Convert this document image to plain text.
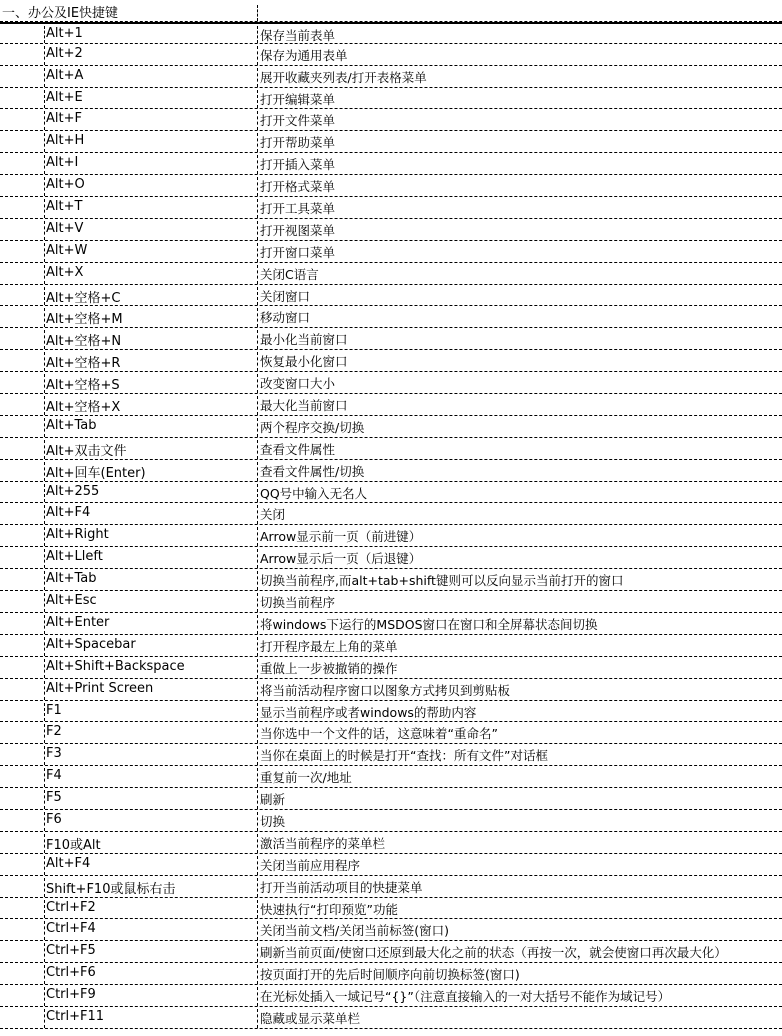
一、办公及IE快捷键
Alt+1	保存当前表单
Alt+2	保存为通用表单
Alt+A	展开收藏夹列表/打开表格菜单
Alt+E	打开编辑菜单
Alt+F	打开文件菜单
Alt+H	打开帮助菜单
Alt+I	打开插入菜单
Alt+O	打开格式菜单
Alt+T	打开工具菜单
Alt+V	打开视图菜单
Alt+W	打开窗口菜单
Alt+X	关闭C语言
Alt+空格+C	关闭窗口
Alt+空格+M	移动窗口
Alt+空格+N	最小化当前窗口
Alt+空格+R	恢复最小化窗口
Alt+空格+S	改变窗口大小
Alt+空格+X	最大化当前窗口
Alt+Tab	两个程序交换/切换
Alt+双击文件	查看文件属性
Alt+回车(Enter)	查看文件属性/切换
Alt+255	QQ号中输入无名人
Alt+F4	关闭
Alt+Right	Arrow显示前一页（前进键）
Alt+Lleft	Arrow显示后一页（后退键）
Alt+Tab	切换当前程序,而alt+tab+shift键则可以反向显示当前打开的窗口
Alt+Esc	切换当前程序
Alt+Enter	将windows下运行的MSDOS窗口在窗口和全屏幕状态间切换
Alt+Spacebar	打开程序最左上角的菜单
Alt+Shift+Backspace	重做上一步被撤销的操作
Alt+Print Screen	将当前活动程序窗口以图象方式拷贝到剪贴板
F1	显示当前程序或者windows的帮助内容
F2	当你选中一个文件的话，这意味着“重命名”
F3	当你在桌面上的时候是打开“查找：所有文件”对话框
F4	重复前一次/地址
F5	刷新
F6	切换
F10或Alt	激活当前程序的菜单栏
Alt+F4	关闭当前应用程序
Shift+F10或鼠标右击	打开当前活动项目的快捷菜单
Ctrl+F2	快速执行“打印预览”功能
Ctrl+F4	关闭当前文档/关闭当前标签(窗口)
Ctrl+F5	刷新当前页面/使窗口还原到最大化之前的状态（再按一次，就会使窗口再次最大化）
Ctrl+F6	按页面打开的先后时间顺序向前切换标签(窗口)
Ctrl+F9	在光标处插入一域记号“{}”（注意直接输入的一对大括号不能作为域记号）
Ctrl+F11	隐藏或显示菜单栏
